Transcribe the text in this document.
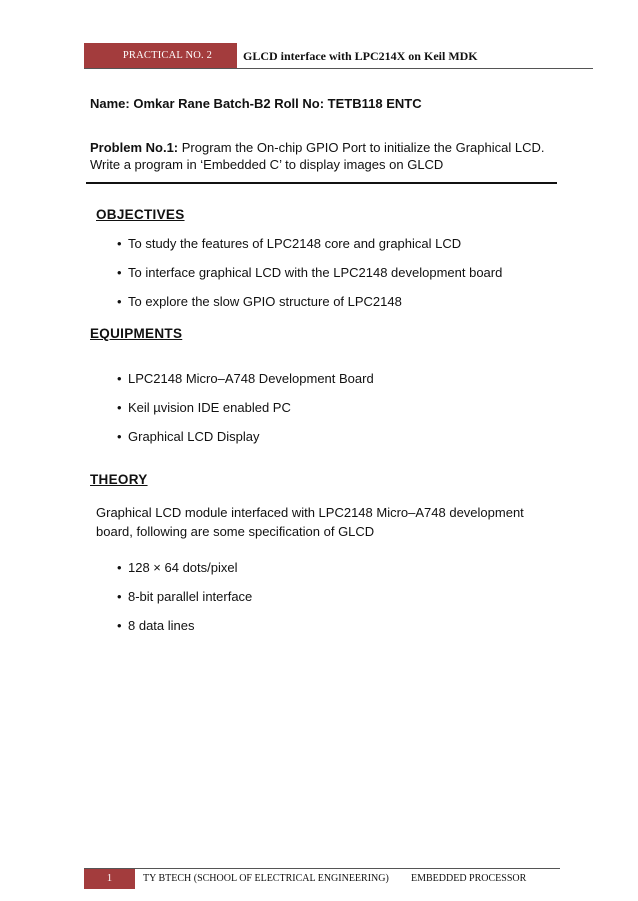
PRACTICAL NO. 2	GLCD interface with LPC214X on Keil MDK
Name: Omkar Rane Batch-B2 Roll No: TETB118 ENTC
Problem No.1: Program the On-chip GPIO Port to initialize the Graphical LCD. Write a program in ‘Embedded C’ to display images on GLCD
OBJECTIVES
• To study the features of LPC2148 core and graphical LCD
• To interface graphical LCD with the LPC2148 development board
• To explore the slow GPIO structure of LPC2148
EQUIPMENTS
• LPC2148 Micro–A748 Development Board
• Keil µvision IDE enabled PC
• Graphical LCD Display
THEORY
Graphical LCD module interfaced with LPC2148 Micro–A748 development board, following are some specification of GLCD
• 128 × 64 dots/pixel
• 8-bit parallel interface
• 8 data lines
1	TY BTECH (SCHOOL OF ELECTRICAL ENGINEERING) EMBEDDED PROCESSOR
